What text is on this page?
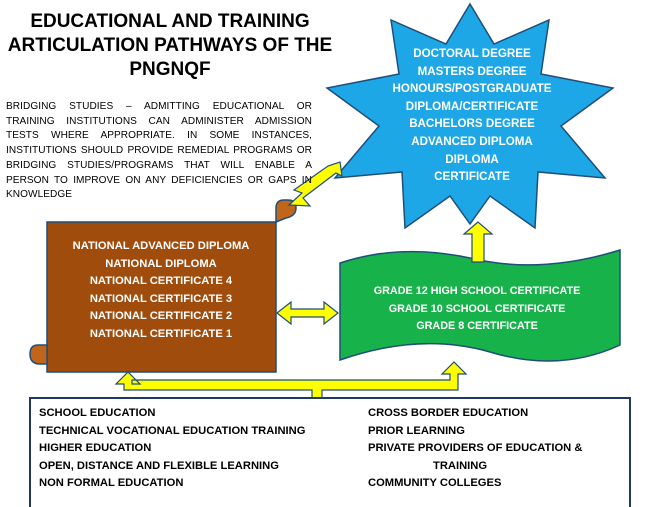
EDUCATIONAL AND TRAINING
ARTICULATION PATHWAYS OF THE
PNGNQF
BRIDGING STUDIES – ADMITTING EDUCATIONAL OR TRAINING INSTITUTIONS CAN ADMINISTER ADMISSION TESTS WHERE APPROPRIATE. IN SOME INSTANCES, INSTITUTIONS SHOULD PROVIDE REMEDIAL PROGRAMS OR BRIDGING STUDIES/PROGRAMS THAT WILL ENABLE A PERSON TO IMPROVE ON ANY DEFICIENCIES OR GAPS IN KNOWLEDGE
DOCTORAL DEGREE
MASTERS DEGREE
HONOURS/POSTGRADUATE
DIPLOMA/CERTIFICATE
BACHELORS DEGREE
ADVANCED DIPLOMA
DIPLOMA
CERTIFICATE
NATIONAL ADVANCED DIPLOMA
NATIONAL DIPLOMA
NATIONAL CERTIFICATE 4
NATIONAL CERTIFICATE 3
NATIONAL CERTIFICATE 2
NATIONAL CERTIFICATE 1
GRADE 12 HIGH SCHOOL CERTIFICATE
GRADE 10 SCHOOL CERTIFICATE
GRADE 8 CERTIFICATE
SCHOOL EDUCATION
TECHNICAL VOCATIONAL EDUCATION TRAINING
HIGHER EDUCATION
OPEN, DISTANCE AND FLEXIBLE LEARNING
NON FORMAL EDUCATION
CROSS BORDER EDUCATION
PRIOR LEARNING
PRIVATE PROVIDERS OF EDUCATION &
TRAINING
COMMUNITY COLLEGES
